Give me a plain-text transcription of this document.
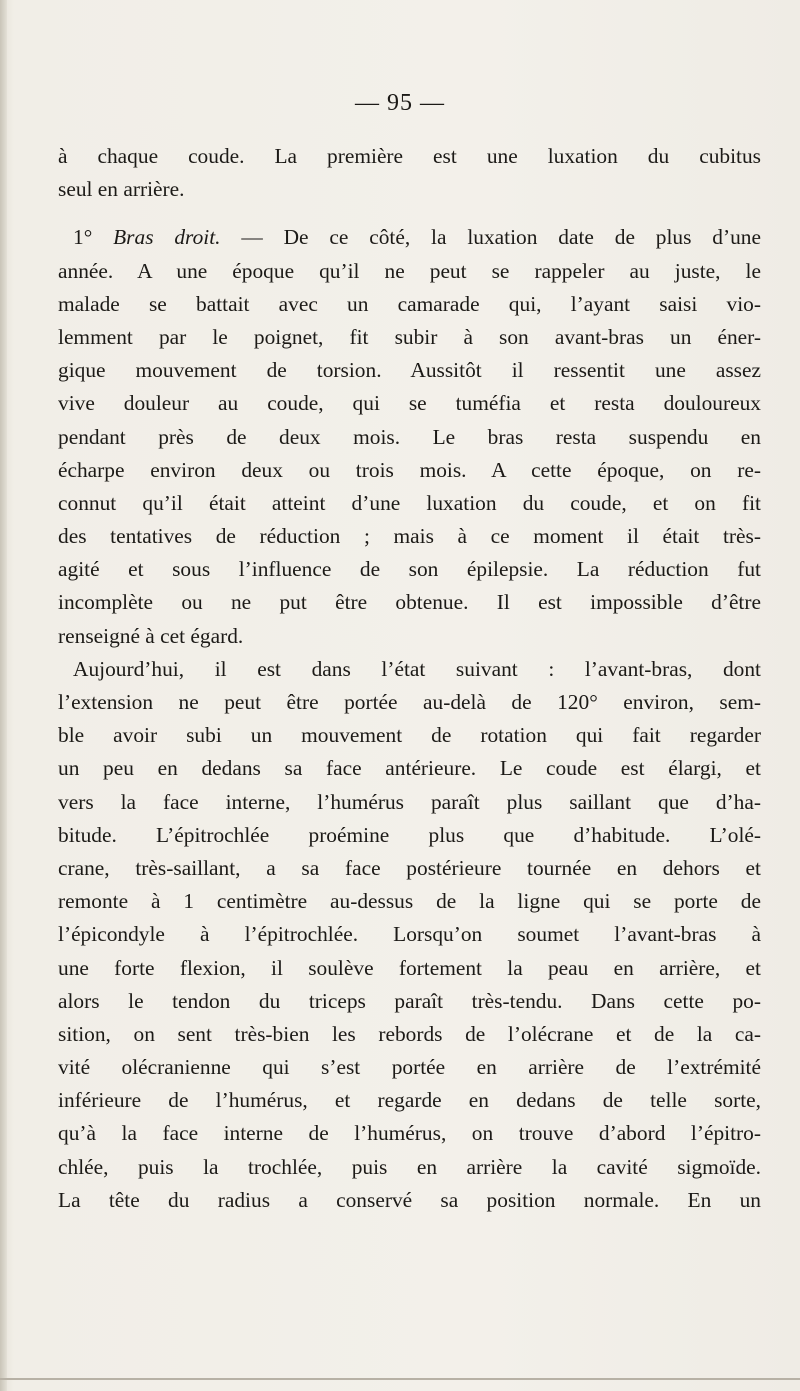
— 95 —
à chaque coude. La première est une luxation du cubitus
seul en arrière.
1° Bras droit. — De ce côté, la luxation date de plus d’une
année. A une époque qu’il ne peut se rappeler au juste, le
malade se battait avec un camarade qui, l’ayant saisi vio-
lemment par le poignet, fit subir à son avant-bras un éner-
gique mouvement de torsion. Aussitôt il ressentit une assez
vive douleur au coude, qui se tuméfia et resta douloureux
pendant près de deux mois. Le bras resta suspendu en
écharpe environ deux ou trois mois. A cette époque, on re-
connut qu’il était atteint d’une luxation du coude, et on fit
des tentatives de réduction ; mais à ce moment il était très-
agité et sous l’influence de son épilepsie. La réduction fut
incomplète ou ne put être obtenue. Il est impossible d’être
renseigné à cet égard.
Aujourd’hui, il est dans l’état suivant : l’avant-bras, dont
l’extension ne peut être portée au-delà de 120° environ, sem-
ble avoir subi un mouvement de rotation qui fait regarder
un peu en dedans sa face antérieure. Le coude est élargi, et
vers la face interne, l’humérus paraît plus saillant que d’ha-
bitude. L’épitrochlée proémine plus que d’habitude. L’olé-
crane, très-saillant, a sa face postérieure tournée en dehors et
remonte à 1 centimètre au-dessus de la ligne qui se porte de
l’épicondyle à l’épitrochlée. Lorsqu’on soumet l’avant-bras à
une forte flexion, il soulève fortement la peau en arrière, et
alors le tendon du triceps paraît très-tendu. Dans cette po-
sition, on sent très-bien les rebords de l’olécrane et de la ca-
vité olécranienne qui s’est portée en arrière de l’extrémité
inférieure de l’humérus, et regarde en dedans de telle sorte,
qu’à la face interne de l’humérus, on trouve d’abord l’épitro-
chlée, puis la trochlée, puis en arrière la cavité sigmoïde.
La tête du radius a conservé sa position normale. En un
